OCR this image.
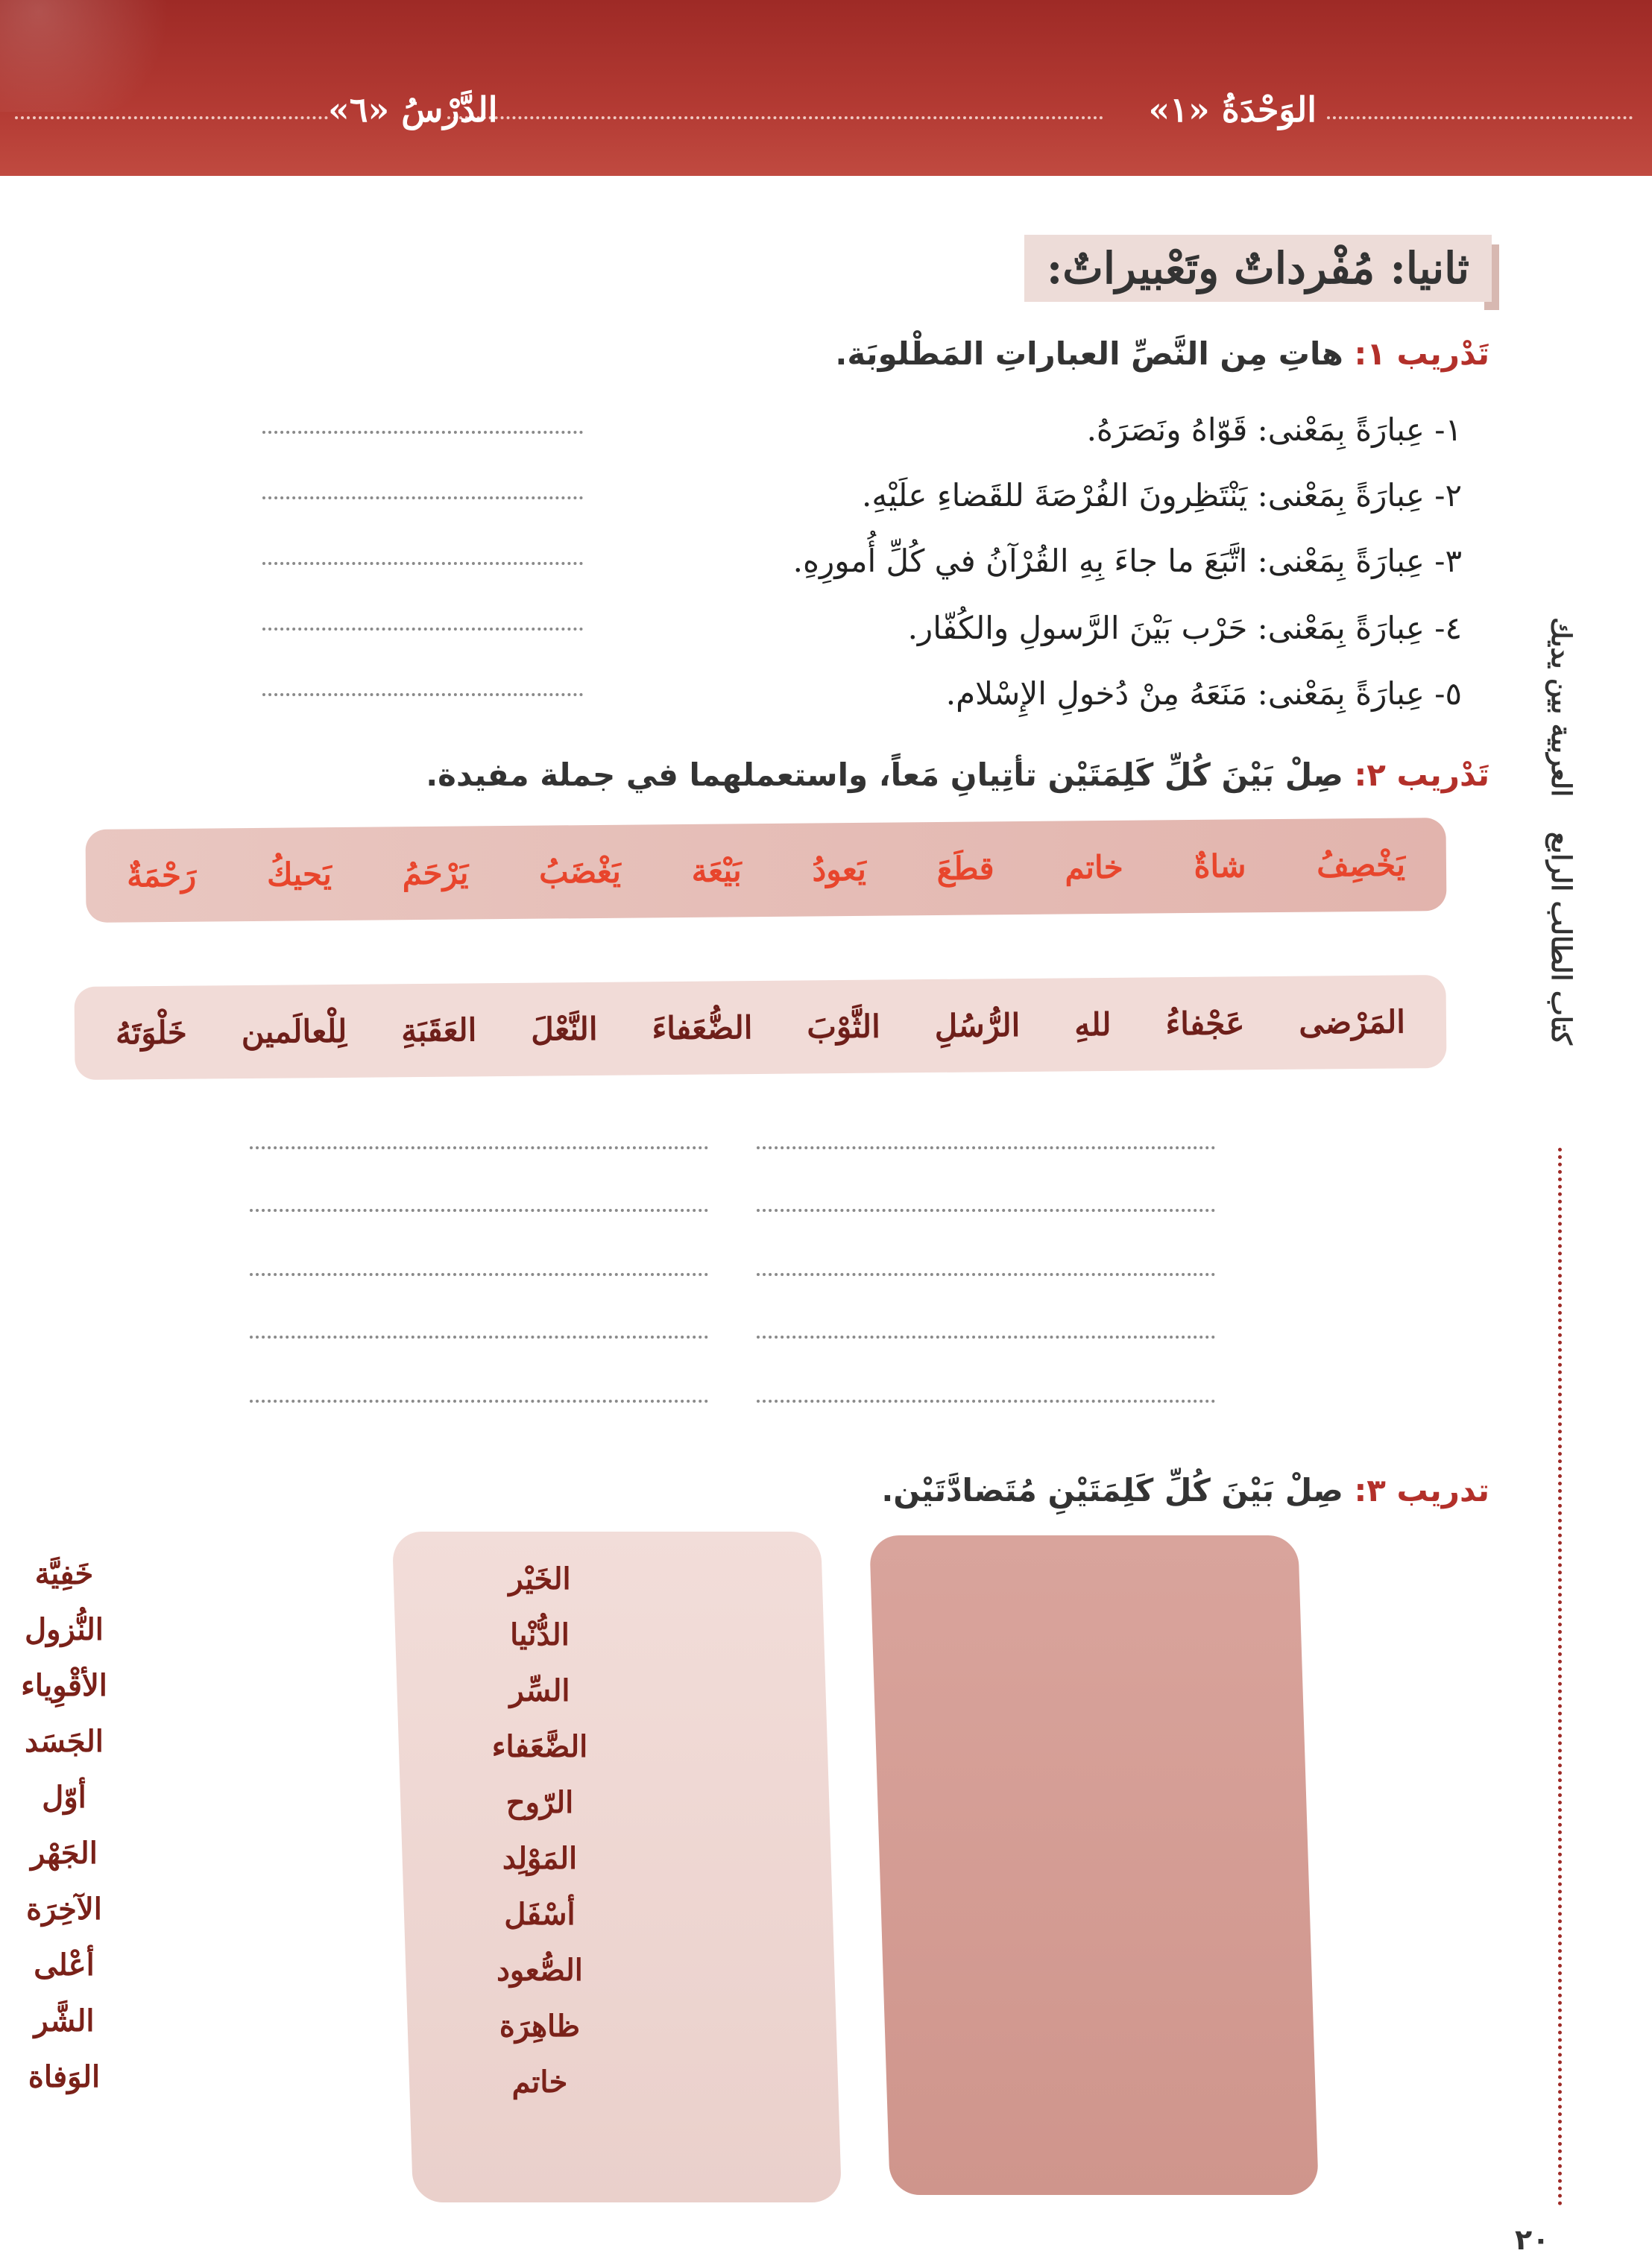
الوَحْدَةُ «١»
الدَّرْسُ «٦»
كتاب الطالب الرابع    العربية بين يديك
ثانيا: مُفْرداتٌ وتَعْبيراتٌ:
تَدْريب ١: هاتِ مِن النَّصِّ العباراتِ المَطْلوبَة.
١- عِبارَةً بِمَعْنى: قَوّاهُ ونَصَرَهُ.
٢- عِبارَةً بِمَعْنى: يَنْتَظِرونَ الفُرْصَةَ للقَضاءِ علَيْهِ.
٣- عِبارَةً بِمَعْنى: اتَّبَعَ ما جاءَ بِهِ القُرْآنُ في كُلِّ أُمورِهِ.
٤- عِبارَةً بِمَعْنى: حَرْب بَيْنَ الرَّسولِ والكُفّار.
٥- عِبارَةً بِمَعْنى: مَنَعَهُ مِنْ دُخولِ الإِسْلام.
تَدْريب ٢: صِلْ بَيْنَ كُلِّ كَلِمَتَيْن تأتِيانِ مَعاً، واستعملهما في جملة مفيدة.
يَخْصِفُ
شاةٌ
خاتم
قطَعَ
يَعودُ
بَيْعَة
يَغْضَبُ
يَرْحَمُ
يَحيكُ
رَحْمَةٌ
المَرْضى
عَجْفاءُ
للهِ
الرُّسُلِ
الثَّوْبَ
الضُّعَفاءَ
النَّعْلَ
العَقَبَةِ
لِلْعالَمين
خَلْوَتَهُ
تدريب ٣: صِلْ بَيْنَ كُلِّ كَلِمَتَيْنِ مُتَضادَّتَيْن.
الخَيْر
الدُّنْيا
السِّر
الضَّعَفاء
الرّوح
المَوْلِد
أسْفَل
الصُّعود
ظاهِرَة
خاتم
خَفِيَّة
النُّزول
الأقْوِياء
الجَسَد
أوّل
الجَهْر
الآخِرَة
أعْلى
الشَّر
الوَفاة
٢٠
